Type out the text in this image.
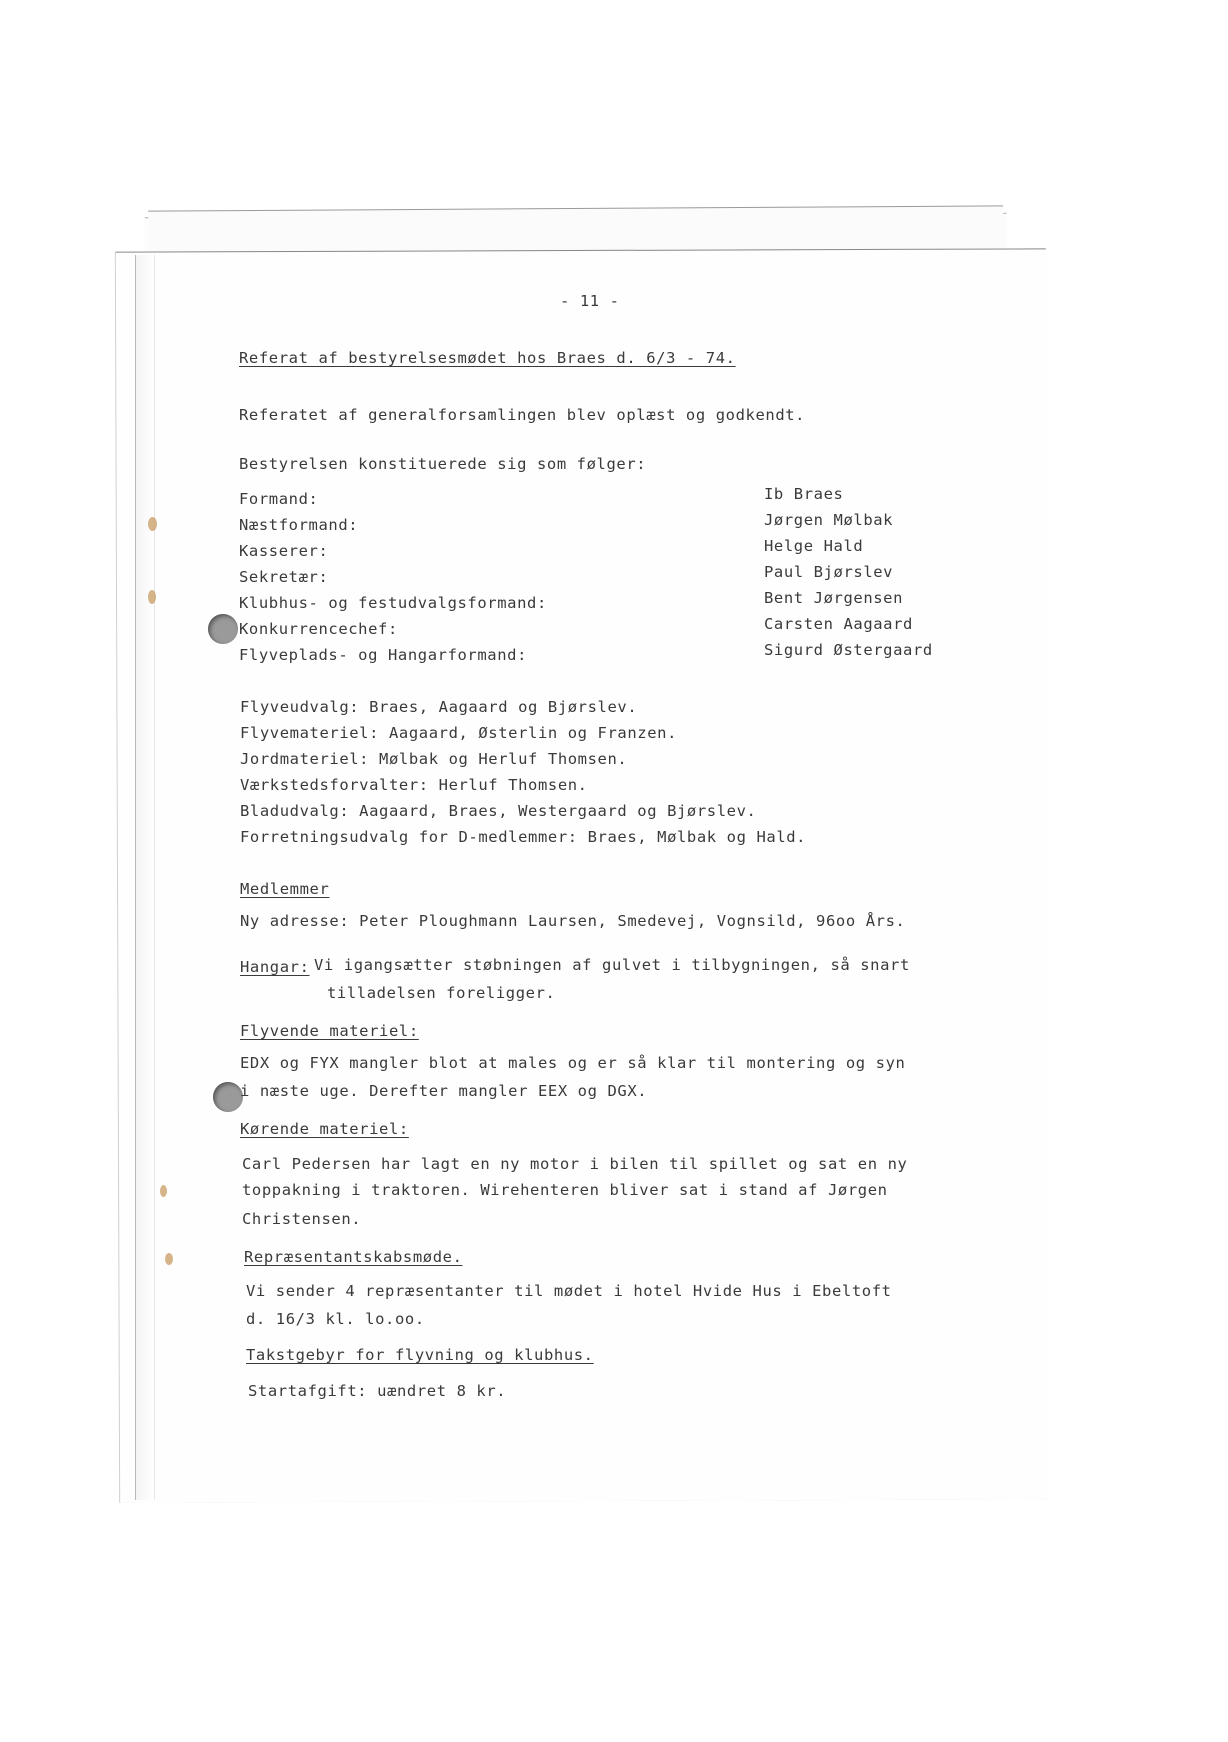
- 11 -
Referat af bestyrelsesmødet hos Braes d. 6/3 - 74.
Referatet af generalforsamlingen blev oplæst og godkendt.
Bestyrelsen konstituerede sig som følger:
Formand:	Ib Braes
Næstformand:	Jørgen Mølbak
Kasserer:	Helge Hald
Sekretær:	Paul Bjørslev
Klubhus- og festudvalgsformand:	Bent Jørgensen
Konkurrencechef:	Carsten Aagaard
Flyveplads- og Hangarformand:	Sigurd Østergaard
Flyveudvalg: Braes, Aagaard og Bjørslev.
Flyvemateriel: Aagaard, Østerlin og Franzen.
Jordmateriel: Mølbak og Herluf Thomsen.
Værkstedsforvalter: Herluf Thomsen.
Bladudvalg: Aagaard, Braes, Westergaard og Bjørslev.
Forretningsudvalg for D-medlemmer: Braes, Mølbak og Hald.
Medlemmer
Ny adresse: Peter Ploughmann Laursen, Smedevej, Vognsild, 96oo Års.
Hangar: Vi igangsætter støbningen af gulvet i tilbygningen, så snart
tilladelsen foreligger.
Flyvende materiel:
EDX og FYX mangler blot at males og er så klar til montering og syn
i næste uge. Derefter mangler EEX og DGX.
Kørende materiel:
Carl Pedersen har lagt en ny motor i bilen til spillet og sat en ny
toppakning i traktoren. Wirehenteren bliver sat i stand af Jørgen
Christensen.
Repræsentantskabsmøde.
Vi sender 4 repræsentanter til mødet i hotel Hvide Hus i Ebeltoft
d. 16/3 kl. lo.oo.
Takstgebyr for flyvning og klubhus.
Startafgift: uændret 8 kr.
